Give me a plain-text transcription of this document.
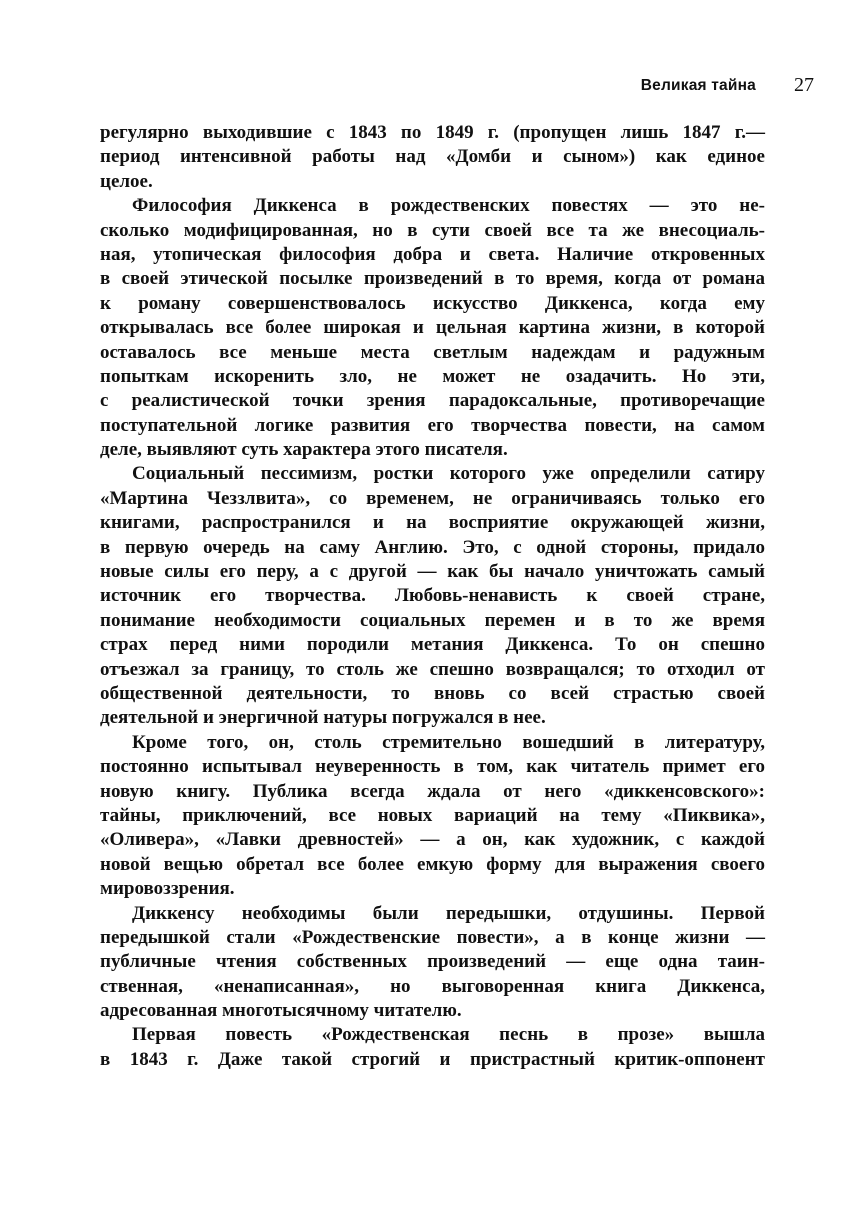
Великая тайна 27
регулярно выходившие с 1843 по 1849 г. (пропущен лишь 1847 г.—
период интенсивной работы над «Домби и сыном») как единое
целое.
Философия Диккенса в рождественских повестях — это не-
сколько модифицированная, но в сути своей все та же внесоциаль-
ная, утопическая философия добра и света. Наличие откровенных
в своей этической посылке произведений в то время, когда от романа
к роману совершенствовалось искусство Диккенса, когда ему
открывалась все более широкая и цельная картина жизни, в которой
оставалось все меньше места светлым надеждам и радужным
попыткам искоренить зло, не может не озадачить. Но эти,
с реалистической точки зрения парадоксальные, противоречащие
поступательной логике развития его творчества повести, на самом
деле, выявляют суть характера этого писателя.
Социальный пессимизм, ростки которого уже определили сатиру
«Мартина Чеззлвита», со временем, не ограничиваясь только его
книгами, распространился и на восприятие окружающей жизни,
в первую очередь на саму Англию. Это, с одной стороны, придало
новые силы его перу, а с другой — как бы начало уничтожать самый
источник его творчества. Любовь-ненависть к своей стране,
понимание необходимости социальных перемен и в то же время
страх перед ними породили метания Диккенса. То он спешно
отъезжал за границу, то столь же спешно возвращался; то отходил от
общественной деятельности, то вновь со всей страстью своей
деятельной и энергичной натуры погружался в нее.
Кроме того, он, столь стремительно вошедший в литературу,
постоянно испытывал неуверенность в том, как читатель примет его
новую книгу. Публика всегда ждала от него «диккенсовского»:
тайны, приключений, все новых вариаций на тему «Пиквика»,
«Оливера», «Лавки древностей» — а он, как художник, с каждой
новой вещью обретал все более емкую форму для выражения своего
мировоззрения.
Диккенсу необходимы были передышки, отдушины. Первой
передышкой стали «Рождественские повести», а в конце жизни —
публичные чтения собственных произведений — еще одна таин-
ственная, «ненаписанная», но выговоренная книга Диккенса,
адресованная многотысячному читателю.
Первая повесть «Рождественская песнь в прозе» вышла
в 1843 г. Даже такой строгий и пристрастный критик-оппонент
